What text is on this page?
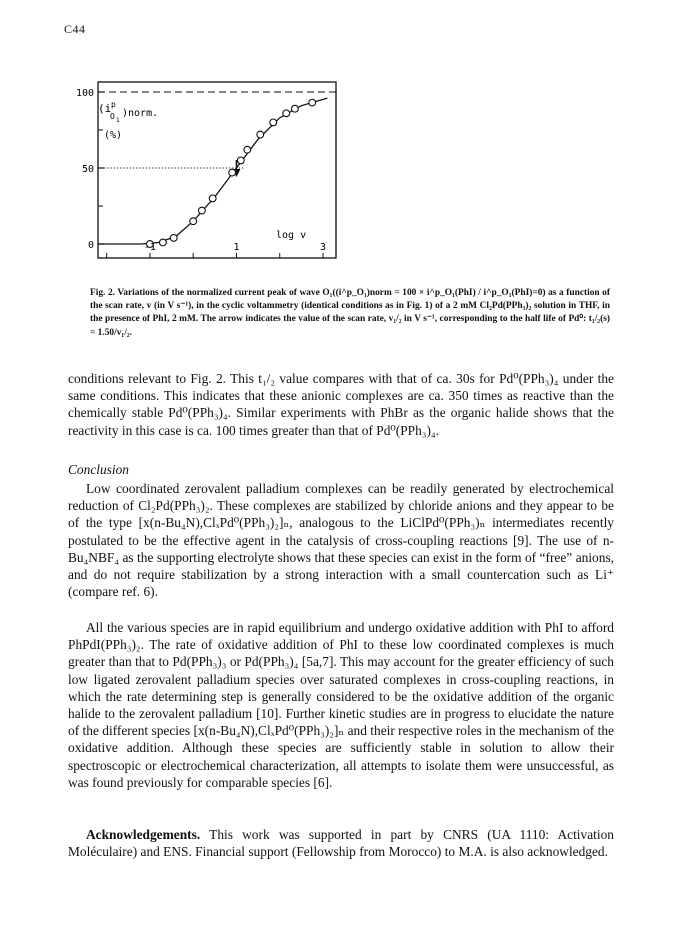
C44
0
50
100
-1	1	3
(i p
O 1
)norm.
(%)
log v
Fig. 2. Variations of the normalized current peak of wave O₁((i^p_O₁)norm = 100 × i^p_O₁(PhI) / i^p_O₁(PhI)=0) as a function of the scan rate, v (in V s⁻¹), in the cyclic voltammetry (identical conditions as in Fig. 1) of a 2 mM Cl₂Pd(PPh₃)₂ solution in THF, in the presence of PhI, 2 mM. The arrow indicates the value of the scan rate, v₁/₂ in V s⁻¹, corresponding to the half life of Pd⁰: t₁/₂(s) = 1.50/v₁/₂.
conditions relevant to Fig. 2. This t₁/₂ value compares with that of ca. 30s for Pd⁰(PPh₃)₄ under the same conditions. This indicates that these anionic complexes are ca. 350 times as reactive than the chemically stable Pd⁰(PPh₃)₄. Similar experiments with PhBr as the organic halide shows that the reactivity in this case is ca. 100 times greater than that of Pd⁰(PPh₃)₄.
Conclusion
Low coordinated zerovalent palladium complexes can be readily generated by electrochemical reduction of Cl₂Pd(PPh₃)₂. These complexes are stabilized by chloride anions and they appear to be of the type [x(n-Bu₄N),ClₓPd⁰(PPh₃)₂]ₙ, analogous to the LiClPd⁰(PPh₃)ₙ intermediates recently postulated to be the effective agent in the catalysis of cross-coupling reactions [9]. The use of n-Bu₄NBF₄ as the supporting electrolyte shows that these species can exist in the form of “free” anions, and do not require stabilization by a strong interaction with a small countercation such as Li⁺ (compare ref. 6).
All the various species are in rapid equilibrium and undergo oxidative addition with PhI to afford PhPdI(PPh₃)₂. The rate of oxidative addition of PhI to these low coordinated complexes is much greater than that to Pd(PPh₃)₃ or Pd(PPh₃)₄ [5a,7]. This may account for the greater efficiency of such low ligated zerovalent palladium species over saturated complexes in cross-coupling reactions, in which the rate determining step is generally considered to be the oxidative addition of the organic halide to the zerovalent palladium [10]. Further kinetic studies are in progress to elucidate the nature of the different species [x(n-Bu₄N),ClₓPd⁰(PPh₃)₂]ₙ and their respective roles in the mechanism of the oxidative addition. Although these species are sufficiently stable in solution to allow their spectroscopic or electrochemical characterization, all attempts to isolate them were unsuccessful, as was found previously for comparable species [6].
Acknowledgements. This work was supported in part by CNRS (UA 1110: Activation Moléculaire) and ENS. Financial support (Fellowship from Morocco) to M.A. is also acknowledged.
